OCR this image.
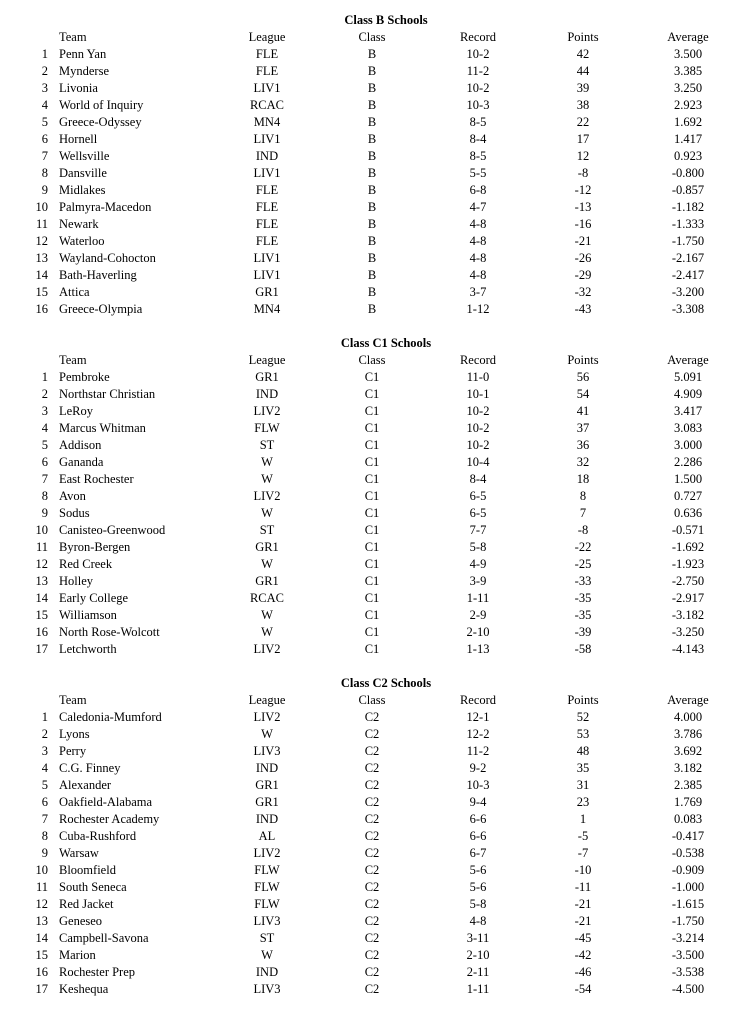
Class B Schools
Team	League	Class	Record	Points	Average
1 Penn Yan	FLE	B	10-2	42	3.500
2 Mynderse	FLE	B	11-2	44	3.385
3 Livonia	LIV1	B	10-2	39	3.250
4 World of Inquiry	RCAC	B	10-3	38	2.923
5 Greece-Odyssey	MN4	B	8-5	22	1.692
6 Hornell	LIV1	B	8-4	17	1.417
7 Wellsville	IND	B	8-5	12	0.923
8 Dansville	LIV1	B	5-5	-8	-0.800
9 Midlakes	FLE	B	6-8	-12	-0.857
10 Palmyra-Macedon	FLE	B	4-7	-13	-1.182
11 Newark	FLE	B	4-8	-16	-1.333
12 Waterloo	FLE	B	4-8	-21	-1.750
13 Wayland-Cohocton	LIV1	B	4-8	-26	-2.167
14 Bath-Haverling	LIV1	B	4-8	-29	-2.417
15 Attica	GR1	B	3-7	-32	-3.200
16 Greece-Olympia	MN4	B	1-12	-43	-3.308
Class C1 Schools
Team	League	Class	Record	Points	Average
1 Pembroke	GR1	C1	11-0	56	5.091
2 Northstar Christian	IND	C1	10-1	54	4.909
3 LeRoy	LIV2	C1	10-2	41	3.417
4 Marcus Whitman	FLW	C1	10-2	37	3.083
5 Addison	ST	C1	10-2	36	3.000
6 Gananda	W	C1	10-4	32	2.286
7 East Rochester	W	C1	8-4	18	1.500
8 Avon	LIV2	C1	6-5	8	0.727
9 Sodus	W	C1	6-5	7	0.636
10 Canisteo-Greenwood	ST	C1	7-7	-8	-0.571
11 Byron-Bergen	GR1	C1	5-8	-22	-1.692
12 Red Creek	W	C1	4-9	-25	-1.923
13 Holley	GR1	C1	3-9	-33	-2.750
14 Early College	RCAC	C1	1-11	-35	-2.917
15 Williamson	W	C1	2-9	-35	-3.182
16 North Rose-Wolcott	W	C1	2-10	-39	-3.250
17 Letchworth	LIV2	C1	1-13	-58	-4.143
Class C2 Schools
Team	League	Class	Record	Points	Average
1 Caledonia-Mumford	LIV2	C2	12-1	52	4.000
2 Lyons	W	C2	12-2	53	3.786
3 Perry	LIV3	C2	11-2	48	3.692
4 C.G. Finney	IND	C2	9-2	35	3.182
5 Alexander	GR1	C2	10-3	31	2.385
6 Oakfield-Alabama	GR1	C2	9-4	23	1.769
7 Rochester Academy	IND	C2	6-6	1	0.083
8 Cuba-Rushford	AL	C2	6-6	-5	-0.417
9 Warsaw	LIV2	C2	6-7	-7	-0.538
10 Bloomfield	FLW	C2	5-6	-10	-0.909
11 South Seneca	FLW	C2	5-6	-11	-1.000
12 Red Jacket	FLW	C2	5-8	-21	-1.615
13 Geneseo	LIV3	C2	4-8	-21	-1.750
14 Campbell-Savona	ST	C2	3-11	-45	-3.214
15 Marion	W	C2	2-10	-42	-3.500
16 Rochester Prep	IND	C2	2-11	-46	-3.538
17 Keshequa	LIV3	C2	1-11	-54	-4.500
